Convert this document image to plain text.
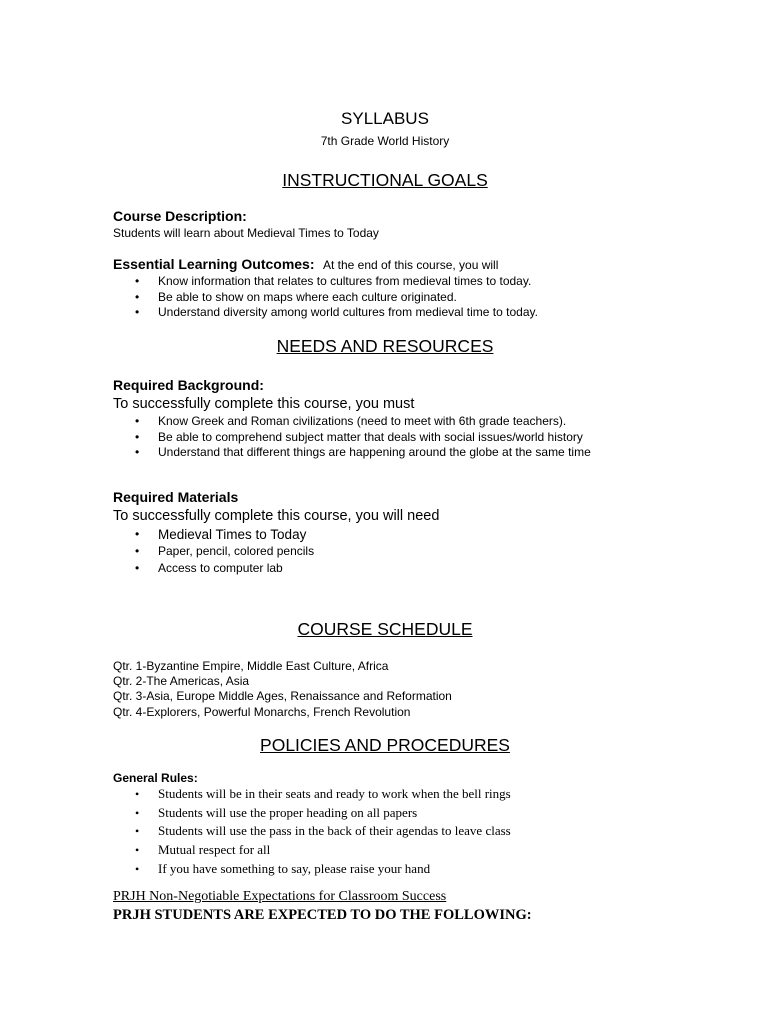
SYLLABUS
7th Grade World History
INSTRUCTIONAL GOALS
Course Description:
Students will learn about Medieval Times to Today
Essential Learning Outcomes: At the end of this course, you will
• Know information that relates to cultures from medieval times to today.
• Be able to show on maps where each culture originated.
• Understand diversity among world cultures from medieval time to today.
NEEDS AND RESOURCES
Required Background:
To successfully complete this course, you must
• Know Greek and Roman civilizations (need to meet with 6th grade teachers).
• Be able to comprehend subject matter that deals with social issues/world history
• Understand that different things are happening around the globe at the same time
Required Materials
To successfully complete this course, you will need
• Medieval Times to Today
• Paper, pencil, colored pencils
• Access to computer lab
COURSE SCHEDULE
Qtr. 1-Byzantine Empire, Middle East Culture, Africa
Qtr. 2-The Americas, Asia
Qtr. 3-Asia, Europe Middle Ages, Renaissance and Reformation
Qtr. 4-Explorers, Powerful Monarchs, French Revolution
POLICIES AND PROCEDURES
General Rules:
• Students will be in their seats and ready to work when the bell rings
• Students will use the proper heading on all papers
• Students will use the pass in the back of their agendas to leave class
• Mutual respect for all
• If you have something to say, please raise your hand
PRJH Non-Negotiable Expectations for Classroom Success
PRJH STUDENTS ARE EXPECTED TO DO THE FOLLOWING:
